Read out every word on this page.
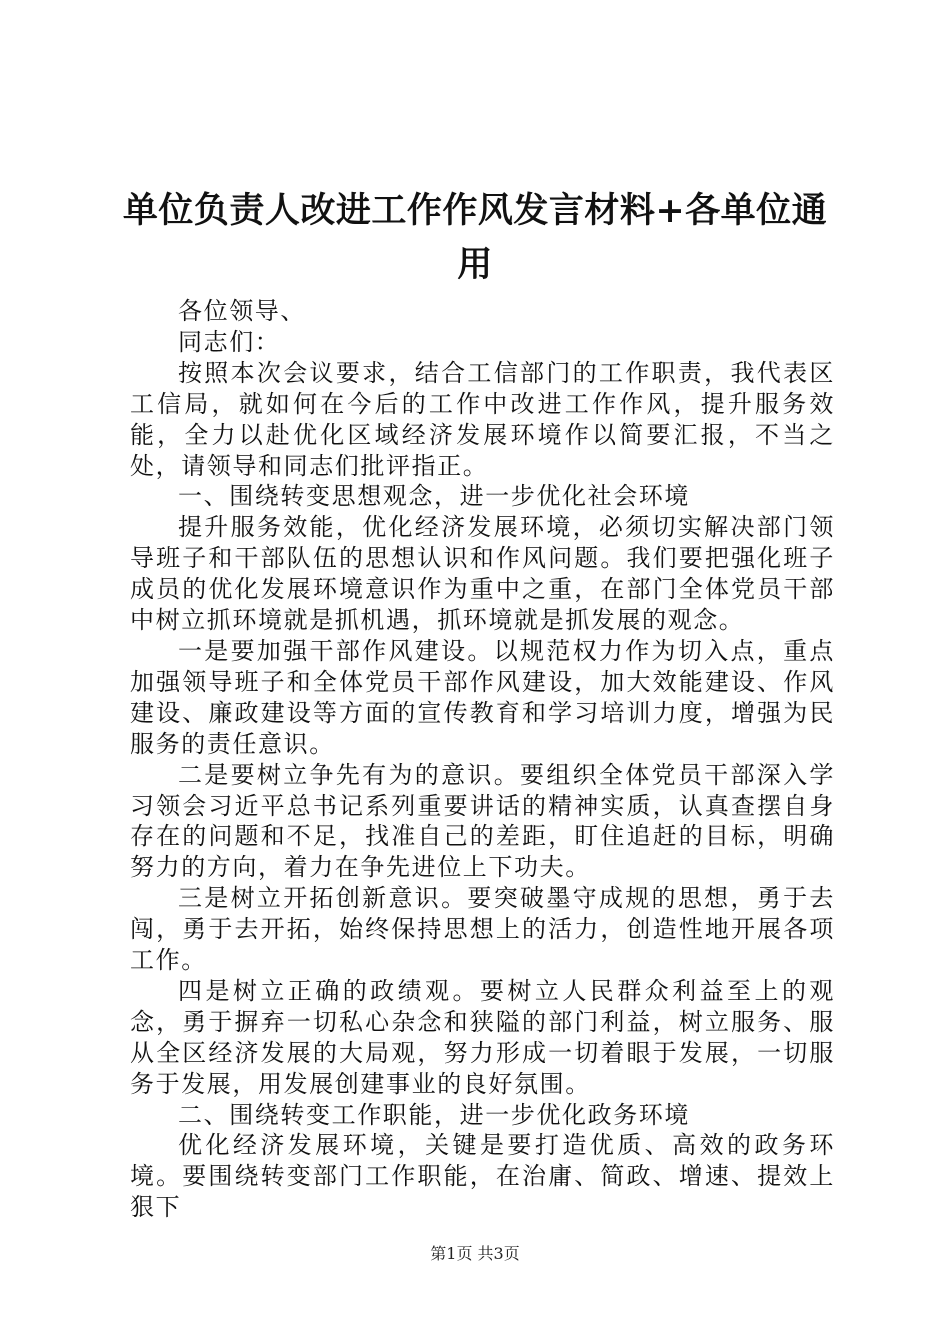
单位负责人改进工作作风发言材料+各单位通用

各位领导、

同志们：

按照本次会议要求，结合工信部门的工作职责，我代表区工信局，就如何在今后的工作中改进工作作风，提升服务效能，全力以赴优化区域经济发展环境作以简要汇报，不当之处，请领导和同志们批评指正。

一、围绕转变思想观念，进一步优化社会环境

提升服务效能，优化经济发展环境，必须切实解决部门领导班子和干部队伍的思想认识和作风问题。我们要把强化班子成员的优化发展环境意识作为重中之重，在部门全体党员干部中树立抓环境就是抓机遇，抓环境就是抓发展的观念。

一是要加强干部作风建设。以规范权力作为切入点，重点加强领导班子和全体党员干部作风建设，加大效能建设、作风建设、廉政建设等方面的宣传教育和学习培训力度，增强为民服务的责任意识。

二是要树立争先有为的意识。要组织全体党员干部深入学习领会习近平总书记系列重要讲话的精神实质，认真查摆自身存在的问题和不足，找准自己的差距，盯住追赶的目标，明确努力的方向，着力在争先进位上下功夫。

三是树立开拓创新意识。要突破墨守成规的思想，勇于去闯，勇于去开拓，始终保持思想上的活力，创造性地开展各项工作。

四是树立正确的政绩观。要树立人民群众利益至上的观念，勇于摒弃一切私心杂念和狭隘的部门利益，树立服务、服从全区经济发展的大局观，努力形成一切着眼于发展，一切服务于发展，用发展创建事业的良好氛围。

二、围绕转变工作职能，进一步优化政务环境

优化经济发展环境，关键是要打造优质、高效的政务环境。要围绕转变部门工作职能，在治庸、简政、增速、提效上狠下

第1页 共3页
